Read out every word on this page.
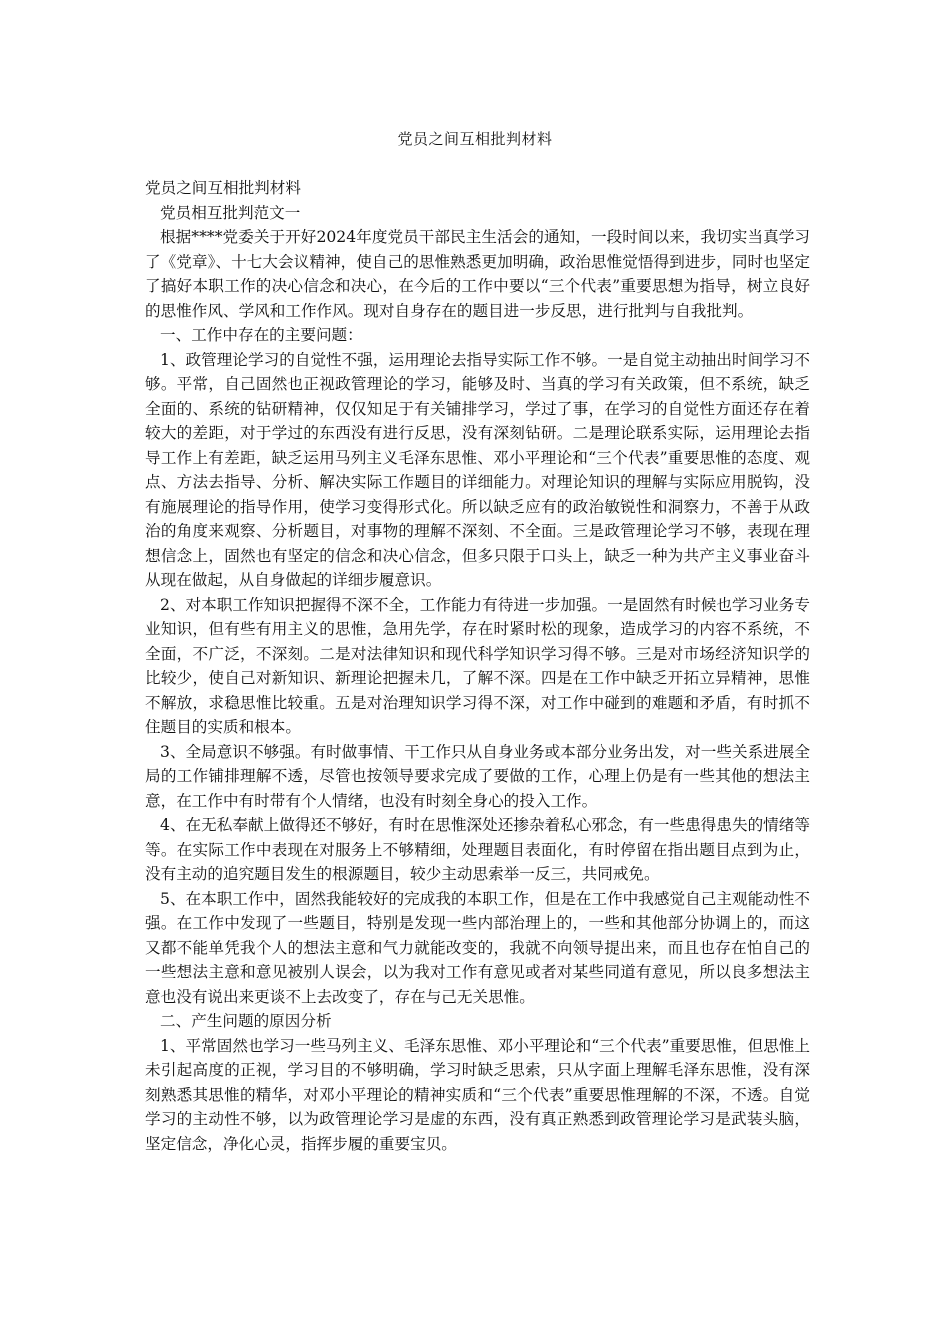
党员之间互相批判材料

党员之间互相批判材料

党员相互批判范文一

根据****党委关于开好2024年度党员干部民主生活会的通知，一段时间以来，我切实当真学习了《党章》、十七大会议精神，使自己的思惟熟悉更加明确，政治思惟觉悟得到进步，同时也坚定了搞好本职工作的决心信念和决心，在今后的工作中要以“三个代表”重要思想为指导，树立良好的思惟作风、学风和工作作风。现对自身存在的题目进一步反思，进行批判与自我批判。

一、工作中存在的主要问题：

1、政管理论学习的自觉性不强，运用理论去指导实际工作不够。一是自觉主动抽出时间学习不够。平常，自己固然也正视政管理论的学习，能够及时、当真的学习有关政策，但不系统，缺乏全面的、系统的钻研精神，仅仅知足于有关铺排学习，学过了事，在学习的自觉性方面还存在着较大的差距，对于学过的东西没有进行反思，没有深刻钻研。二是理论联系实际，运用理论去指导工作上有差距，缺乏运用马列主义毛泽东思惟、邓小平理论和“三个代表”重要思惟的态度、观点、方法去指导、分析、解决实际工作题目的详细能力。对理论知识的理解与实际应用脱钩，没有施展理论的指导作用，使学习变得形式化。所以缺乏应有的政治敏锐性和洞察力，不善于从政治的角度来观察、分析题目，对事物的理解不深刻、不全面。三是政管理论学习不够，表现在理想信念上，固然也有坚定的信念和决心信念，但多只限于口头上，缺乏一种为共产主义事业奋斗从现在做起，从自身做起的详细步履意识。

2、对本职工作知识把握得不深不全，工作能力有待进一步加强。一是固然有时候也学习业务专业知识，但有些有用主义的思惟，急用先学，存在时紧时松的现象，造成学习的内容不系统，不全面，不广泛，不深刻。二是对法律知识和现代科学知识学习得不够。三是对市场经济知识学的比较少，使自己对新知识、新理论把握未几，了解不深。四是在工作中缺乏开拓立异精神，思惟不解放，求稳思惟比较重。五是对治理知识学习得不深，对工作中碰到的难题和矛盾，有时抓不住题目的实质和根本。

3、全局意识不够强。有时做事情、干工作只从自身业务或本部分业务出发，对一些关系进展全局的工作铺排理解不透，尽管也按领导要求完成了要做的工作，心理上仍是有一些其他的想法主意，在工作中有时带有个人情绪，也没有时刻全身心的投入工作。

4、在无私奉献上做得还不够好，有时在思惟深处还掺杂着私心邪念，有一些患得患失的情绪等等。在实际工作中表现在对服务上不够精细，处理题目表面化，有时停留在指出题目点到为止，没有主动的追究题目发生的根源题目，较少主动思索举一反三，共同戒免。

5、在本职工作中，固然我能较好的完成我的本职工作，但是在工作中我感觉自己主观能动性不强。在工作中发现了一些题目，特别是发现一些内部治理上的，一些和其他部分协调上的，而这又都不能单凭我个人的想法主意和气力就能改变的，我就不向领导提出来，而且也存在怕自己的一些想法主意和意见被别人误会，以为我对工作有意见或者对某些同道有意见，所以良多想法主意也没有说出来更谈不上去改变了，存在与己无关思惟。

二、产生问题的原因分析

1、平常固然也学习一些马列主义、毛泽东思惟、邓小平理论和“三个代表”重要思惟，但思惟上未引起高度的正视，学习目的不够明确，学习时缺乏思索，只从字面上理解毛泽东思惟，没有深刻熟悉其思惟的精华，对邓小平理论的精神实质和“三个代表”重要思惟理解的不深，不透。自觉学习的主动性不够，以为政管理论学习是虚的东西，没有真正熟悉到政管理论学习是武装头脑，坚定信念，净化心灵，指挥步履的重要宝贝。
